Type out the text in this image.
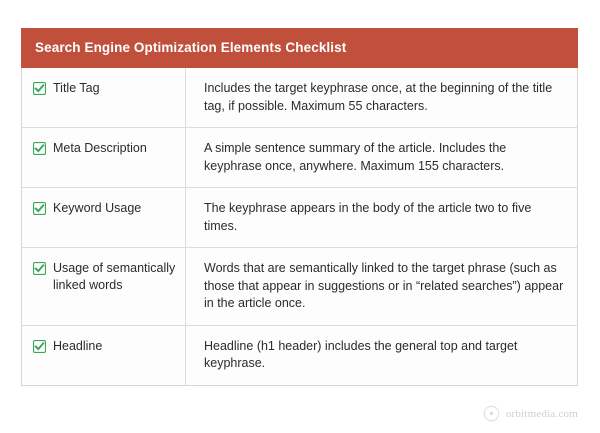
Search Engine Optimization Elements Checklist
Title Tag	Includes the target keyphrase once, at the beginning of the title tag, if possible. Maximum 55 characters.

Meta Description	A simple sentence summary of the article. Includes the keyphrase once, anywhere. Maximum 155 characters.

Keyword Usage	The keyphrase appears in the body of the article two to five times.

Usage of semantically linked words	Words that are semantically linked to the target phrase (such as those that appear in suggestions or in “related searches”) appear in the article once.

Headline	Headline (h1 header) includes the general top and target keyphrase.
orbitmedia.com
